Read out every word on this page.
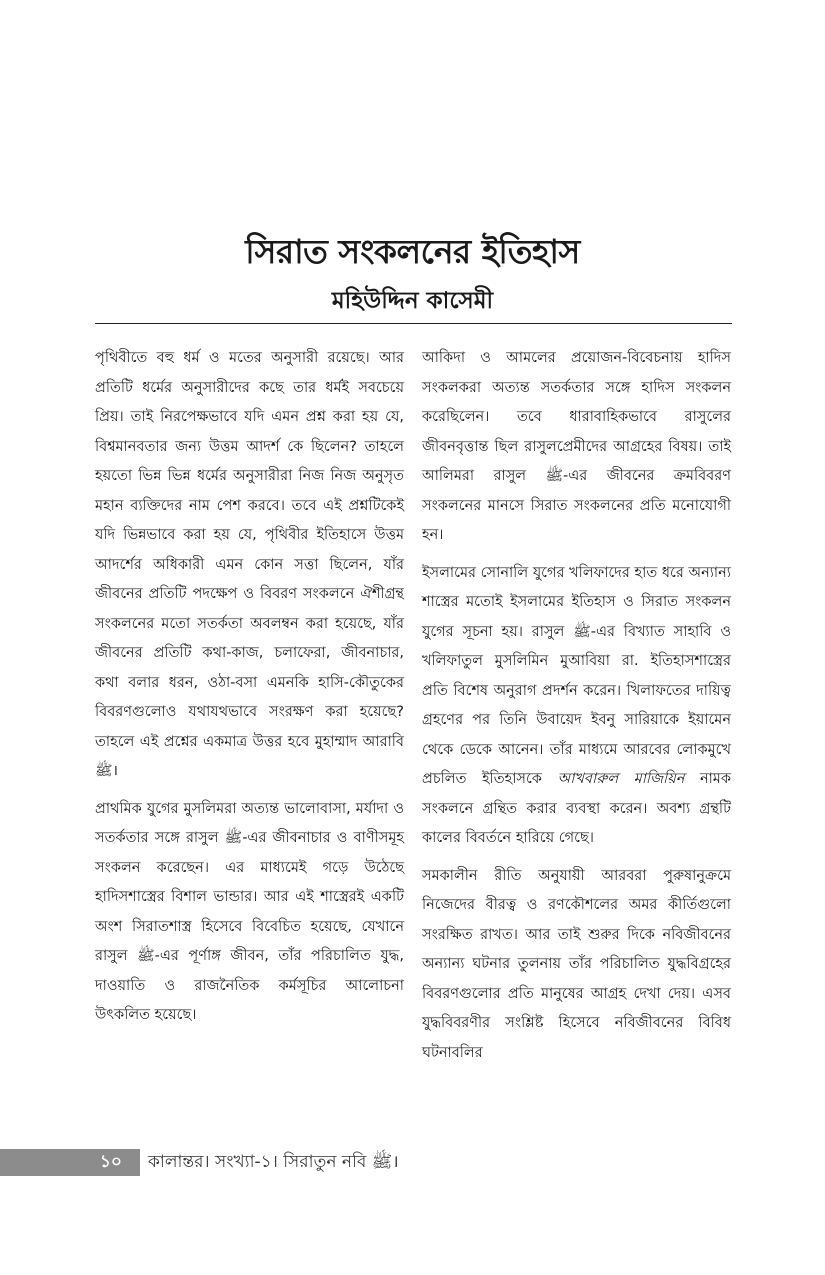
সিরাত সংকলনের ইতিহাস
মহিউদ্দিন কাসেমী

পৃথিবীতে বহু ধর্ম ও মতের অনুসারী রয়েছে। আর প্রতিটি ধর্মের অনুসারীদের কছে তার ধর্মই সবচেয়ে প্রিয়। তাই নিরপেক্ষভাবে যদি এমন প্রশ্ন করা হয় যে, বিশ্বমানবতার জন্য উত্তম আদর্শ কে ছিলেন? তাহলে হয়তো ভিন্ন ভিন্ন ধর্মের অনুসারীরা নিজ নিজ অনুসৃত মহান ব্যক্তিদের নাম পেশ করবে। তবে এই প্রশ্নটিকেই যদি ভিন্নভাবে করা হয় যে, পৃথিবীর ইতিহাসে উত্তম আদর্শের অধিকারী এমন কোন সত্তা ছিলেন, যাঁর জীবনের প্রতিটি পদক্ষেপ ও বিবরণ সংকলনে ঐশীগ্রন্থ সংকলনের মতো সতর্কতা অবলম্বন করা হয়েছে, যাঁর জীবনের প্রতিটি কথা-কাজ, চলাফেরা, জীবনাচার, কথা বলার ধরন, ওঠা-বসা এমনকি হাসি-কৌতুকের বিবরণগুলোও যথাযথভাবে সংরক্ষণ করা হয়েছে? তাহলে এই প্রশ্নের একমাত্র উত্তর হবে মুহাম্মাদ আরাবি ﷺ।

প্রাথমিক যুগের মুসলিমরা অত্যন্ত ভালোবাসা, মর্যাদা ও সতর্কতার সঙ্গে রাসুল ﷺ-এর জীবনাচার ও বাণীসমূহ সংকলন করেছেন। এর মাধ্যমেই গড়ে উঠেছে হাদিসশাস্ত্রের বিশাল ভান্ডার। আর এই শাস্ত্রেরই একটি অংশ সিরাতশাস্ত্র হিসেবে বিবেচিত হয়েছে, যেখানে রাসুল ﷺ-এর পূর্ণাঙ্গ জীবন, তাঁর পরিচালিত যুদ্ধ, দাওয়াতি ও রাজনৈতিক কর্মসূচির আলোচনা উৎকলিত হয়েছে।

আকিদা ও আমলের প্রয়োজন-বিবেচনায় হাদিস সংকলকরা অত্যন্ত সতর্কতার সঙ্গে হাদিস সংকলন করেছিলেন। তবে ধারাবাহিকভাবে রাসুলের জীবনবৃত্তান্ত ছিল রাসুলপ্রেমীদের আগ্রহের বিষয়। তাই আলিমরা রাসুল ﷺ-এর জীবনের ক্রমবিবরণ সংকলনের মানসে সিরাত সংকলনের প্রতি মনোযোগী হন।

ইসলামের সোনালি যুগের খলিফাদের হাত ধরে অন্যান্য শাস্ত্রের মতোই ইসলামের ইতিহাস ও সিরাত সংকলন যুগের সূচনা হয়। রাসুল ﷺ-এর বিখ্যাত সাহাবি ও খলিফাতুল মুসলিমিন মুআবিয়া রা. ইতিহাসশাস্ত্রের প্রতি বিশেষ অনুরাগ প্রদর্শন করেন। খিলাফতের দায়িত্ব গ্রহণের পর তিনি উবায়েদ ইবনু সারিয়াকে ইয়ামেন থেকে ডেকে আনেন। তাঁর মাধ্যমে আরবের লোকমুখে প্রচলিত ইতিহাসকে আখবারুল মাজিয়িন নামক সংকলনে গ্রন্থিত করার ব্যবস্থা করেন। অবশ্য গ্রন্থটি কালের বিবর্তনে হারিয়ে গেছে।

সমকালীন রীতি অনুযায়ী আরবরা পুরুষানুক্রমে নিজেদের বীরত্ব ও রণকৌশলের অমর কীর্তিগুলো সংরক্ষিত রাখত। আর তাই শুরুর দিকে নবিজীবনের অন্যান্য ঘটনার তুলনায় তাঁর পরিচালিত যুদ্ধবিগ্রহের বিবরণগুলোর প্রতি মানুষের আগ্রহ দেখা দেয়। এসব যুদ্ধবিবরণীর সংশ্লিষ্ট হিসেবে নবিজীবনের বিবিধ ঘটনাবলির

১০ কালান্তর। সংখ্যা-১। সিরাতুন নবি ﷺ।
